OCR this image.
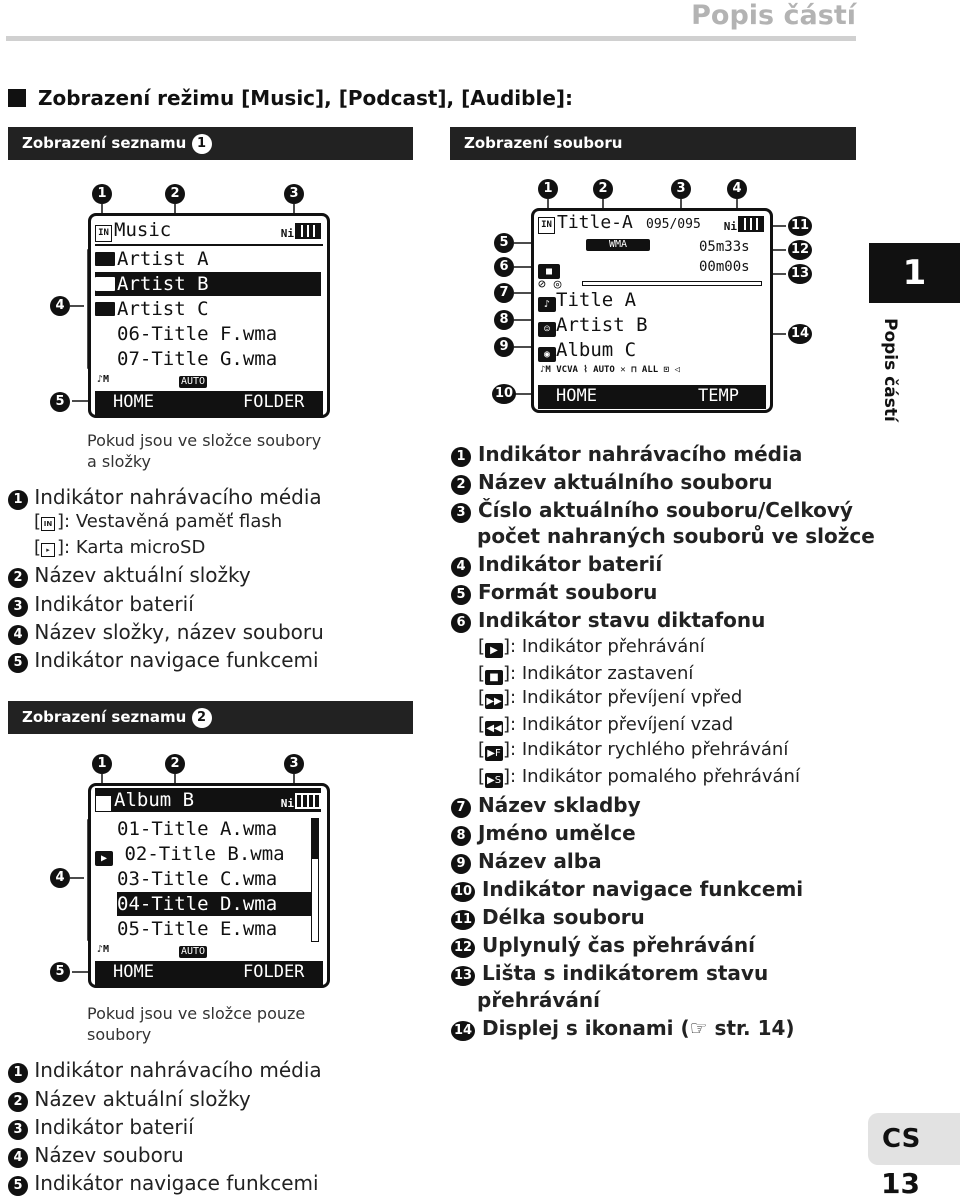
Popis částí
Zobrazení režimu [Music], [Podcast], [Audible]:
Zobrazení seznamu 1	Zobrazení souboru
Zobrazení seznamu 2
1	2	3
4
5
IN Music	Ni
Artist A
Artist B
Artist C
06-Title F.wma
07-Title G.wma
♪M	AUTO
HOME	FOLDER
Pokud jsou ve složce soubory
a složky
1 Indikátor nahrávacího média
[ IN ]: Vestavěná paměť flash
[ ▸ ]: Karta microSD
2 Název aktuální složky
3 Indikátor baterií
4 Název složky, název souboru
5 Indikátor navigace funkcemi
1	2	3
4
5
IN Album B	Ni
01-Title A.wma
▶ 02-Title B.wma
03-Title C.wma
04-Title D.wma
05-Title E.wma
♪M	AUTO
HOME	FOLDER
Pokud jsou ve složce pouze
soubory
1 Indikátor nahrávacího média
2 Název aktuální složky
3 Indikátor baterií
4 Název souboru
5 Indikátor navigace funkcemi
1	2	3	4
5
6
7
8
9
10
11
12
13
14
IN Title-A 095/095 Ni
WMA	05m33s
■	00m00s
⊘ ◎
♪ Title A
☺ Artist B
◉ Album C
♪M VCVA ⌇ AUTO ✕ ⊓ ALL ⊡ ◁
HOME	TEMP
1 Indikátor nahrávacího média
2 Název aktuálního souboru
3 Číslo aktuálního souboru/Celkový
počet nahraných souborů ve složce
4 Indikátor baterií
5 Formát souboru
6 Indikátor stavu diktafonu
[ ▶ ]: Indikátor přehrávání
[ ■ ]: Indikátor zastavení
[▶▶]: Indikátor převíjení vpřed
[◀◀]: Indikátor převíjení vzad
[ ▶F ]: Indikátor rychlého přehrávání
[ ▶S ]: Indikátor pomalého přehrávání
7 Název skladby
8 Jméno umělce
9 Název alba
10 Indikátor navigace funkcemi
11 Délka souboru
12 Uplynulý čas přehrávání
13 Lišta s indikátorem stavu
přehrávání
14 Displej s ikonami (☞ str. 14)
1
Popis částí
CS
13
